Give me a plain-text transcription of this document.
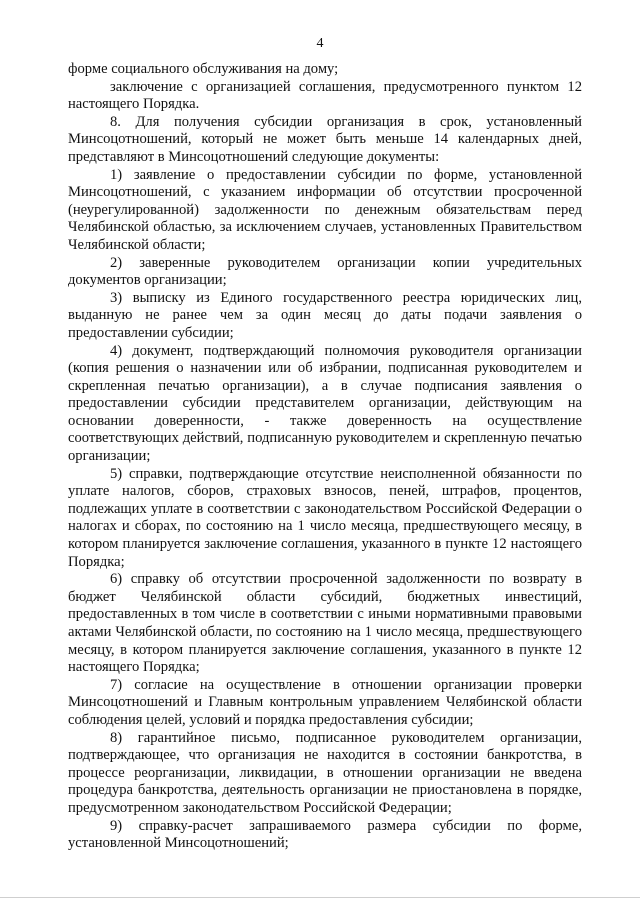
4

форме социального обслуживания на дому;

заключение с организацией соглашения, предусмотренного пунктом 12 настоящего Порядка.

8. Для получения субсидии организация в срок, установленный Минсоцотношений, который не может быть меньше 14 календарных дней, представляют в Минсоцотношений следующие документы:

1) заявление о предоставлении субсидии по форме, установленной Минсоцотношений, с указанием информации об отсутствии просроченной (неурегулированной) задолженности по денежным обязательствам перед Челябинской областью, за исключением случаев, установленных Правительством Челябинской области;

2) заверенные руководителем организации копии учредительных документов организации;

3) выписку из Единого государственного реестра юридических лиц, выданную не ранее чем за один месяц до даты подачи заявления о предоставлении субсидии;

4) документ, подтверждающий полномочия руководителя организации (копия решения о назначении или об избрании, подписанная руководителем и скрепленная печатью организации), а в случае подписания заявления о предоставлении субсидии представителем организации, действующим на основании доверенности, - также доверенность на осуществление соответствующих действий, подписанную руководителем и скрепленную печатью организации;

5) справки, подтверждающие отсутствие неисполненной обязанности по уплате налогов, сборов, страховых взносов, пеней, штрафов, процентов, подлежащих уплате в соответствии с законодательством Российской Федерации о налогах и сборах, по состоянию на 1 число месяца, предшествующего месяцу, в котором планируется заключение соглашения, указанного в пункте 12 настоящего Порядка;

6) справку об отсутствии просроченной задолженности по возврату в бюджет Челябинской области субсидий, бюджетных инвестиций, предоставленных в том числе в соответствии с иными нормативными правовыми актами Челябинской области, по состоянию на 1 число месяца, предшествующего месяцу, в котором планируется заключение соглашения, указанного в пункте 12 настоящего Порядка;

7) согласие на осуществление в отношении организации проверки Минсоцотношений и Главным контрольным управлением Челябинской области соблюдения целей, условий и порядка предоставления субсидии;

8) гарантийное письмо, подписанное руководителем организации, подтверждающее, что организация не находится в состоянии банкротства, в процессе реорганизации, ликвидации, в отношении организации не введена процедура банкротства, деятельность организации не приостановлена в порядке, предусмотренном законодательством Российской Федерации;

9) справку-расчет запрашиваемого размера субсидии по форме, установленной Минсоцотношений;
